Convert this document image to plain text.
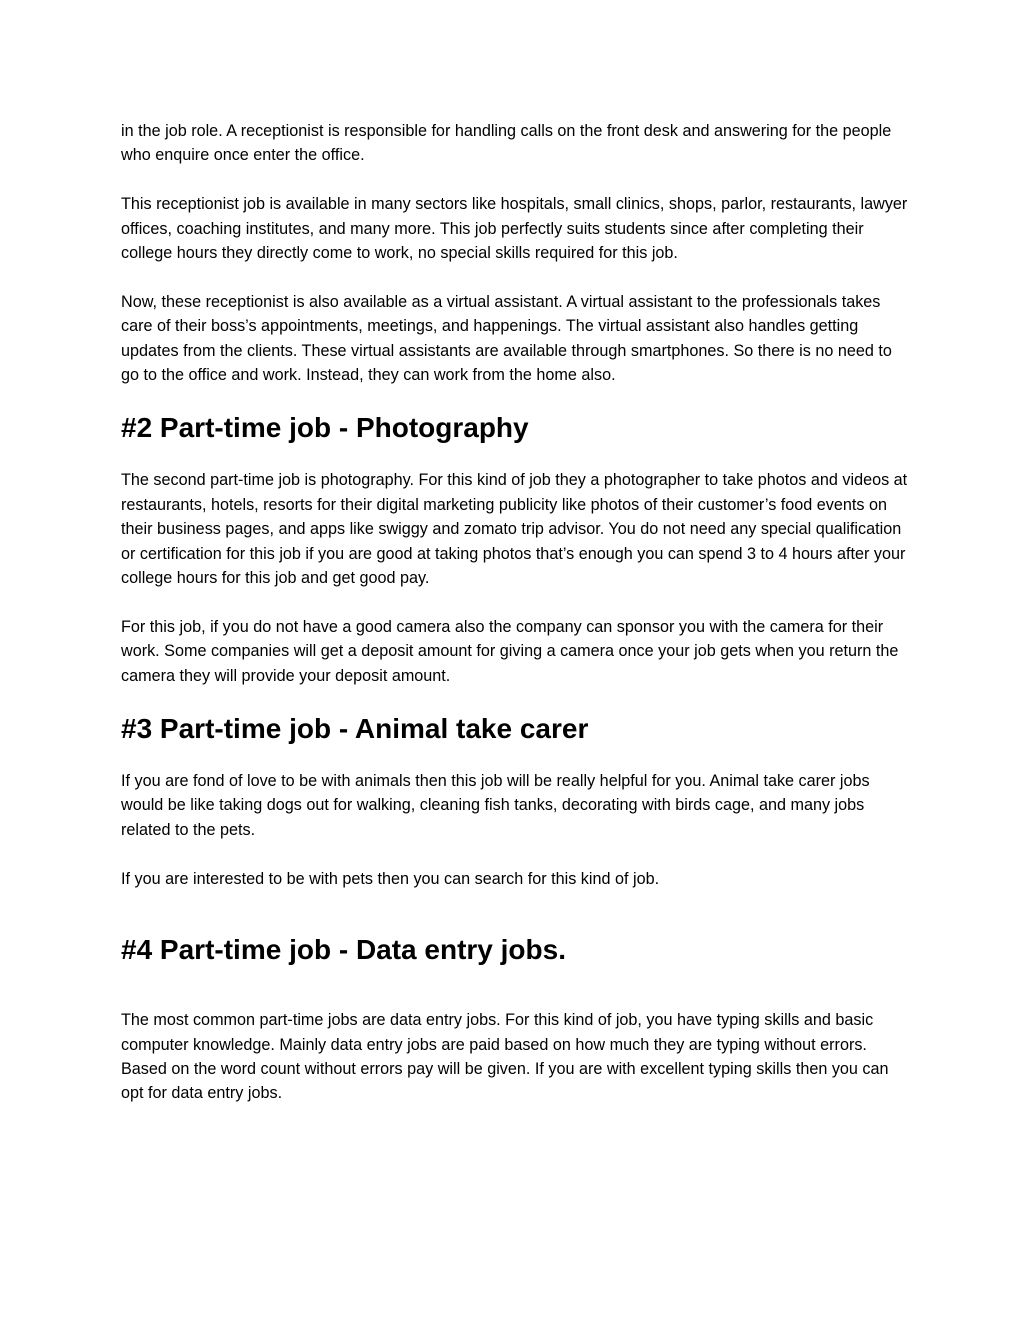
in the job role. A receptionist is responsible for handling calls on the front desk and answering for the people who enquire once enter the office.

This receptionist job is available in many sectors like hospitals, small clinics, shops, parlor, restaurants, lawyer offices, coaching institutes, and many more. This job perfectly suits students since after completing their college hours they directly come to work, no special skills required for this job.

Now, these receptionist is also available as a virtual assistant. A virtual assistant to the professionals takes care of their boss’s appointments, meetings, and happenings. The virtual assistant also handles getting updates from the clients. These virtual assistants are available through smartphones. So there is no need to go to the office and work. Instead, they can work from the home also.

#2 Part-time job - Photography

The second part-time job is photography. For this kind of job they a photographer to take photos and videos at restaurants, hotels, resorts for their digital marketing publicity like photos of their customer’s food events on their business pages, and apps like swiggy and zomato trip advisor. You do not need any special qualification or certification for this job if you are good at taking photos that’s enough you can spend 3 to 4 hours after your college hours for this job and get good pay.

For this job, if you do not have a good camera also the company can sponsor you with the camera for their work. Some companies will get a deposit amount for giving a camera once your job gets when you return the camera they will provide your deposit amount.

#3 Part-time job - Animal take carer

If you are fond of love to be with animals then this job will be really helpful for you. Animal take carer jobs would be like taking dogs out for walking, cleaning fish tanks, decorating with birds cage, and many jobs related to the pets.

If you are interested to be with pets then you can search for this kind of job.

#4 Part-time job - Data entry jobs.

The most common part-time jobs are data entry jobs. For this kind of job, you have typing skills and basic computer knowledge. Mainly data entry jobs are paid based on how much they are typing without errors. Based on the word count without errors pay will be given. If you are with excellent typing skills then you can opt for data entry jobs.
